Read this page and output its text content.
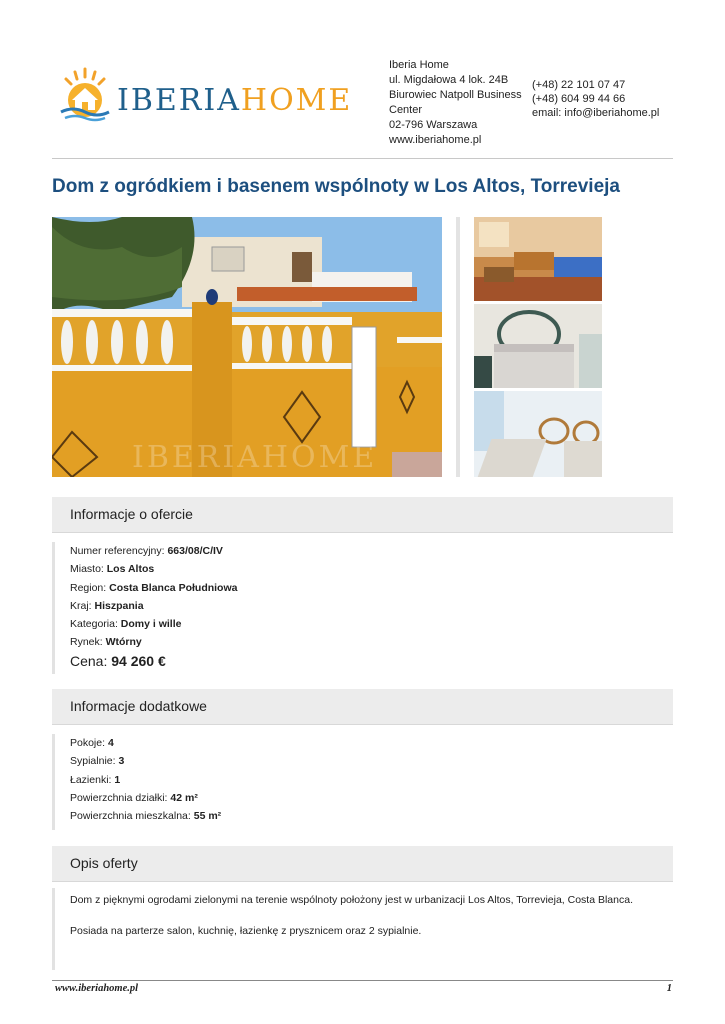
IBERIAHOME
Iberia Home
ul. Migdałowa 4 lok. 24B
Biurowiec Natpoll Business Center
02-796 Warszawa
www.iberiahome.pl
(+48) 22 101 07 47
(+48) 604 99 44 66
email: info@iberiahome.pl
Dom z ogródkiem i basenem wspólnoty w Los Altos, Torrevieja
IBERIAHOME
Informacje o ofercie
Numer referencyjny: 663/08/C/IV
Miasto: Los Altos
Region: Costa Blanca Południowa
Kraj: Hiszpania
Kategoria: Domy i wille
Rynek: Wtórny
Cena: 94 260 €
Informacje dodatkowe
Pokoje: 4
Sypialnie: 3
Łazienki: 1
Powierzchnia działki: 42 m²
Powierzchnia mieszkalna: 55 m²
Opis oferty
Dom z pięknymi ogrodami zielonymi na terenie wspólnoty położony jest w urbanizacji Los Altos, Torrevieja, Costa Blanca.
Posiada na parterze salon, kuchnię, łazienkę z prysznicem oraz 2 sypialnie.
www.iberiahome.pl	1
